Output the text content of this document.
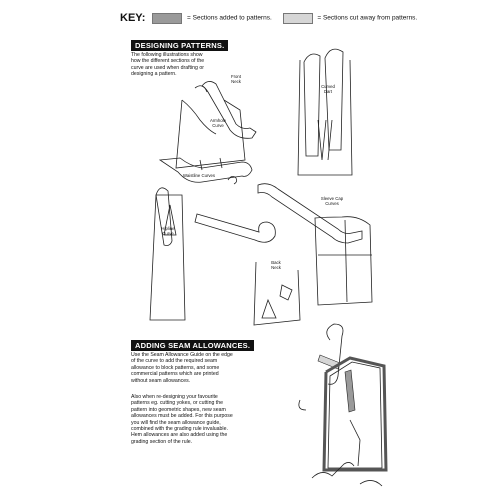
KEY:	= Sections added to patterns.	= Sections cut away from patterns.
DESIGNING PATTERNS.
The following illustrations show how the different sections of the curve are used when drafting or designing a pattern.	Front Neck
Armhole Curve
Waistline Curves
Curved Dart
Hipline Curve
Sleeve Cap Curves
Back Neck
ADDING SEAM ALLOWANCES.
Use the Seam Allowance Guide on the edge of the curve to add the required seam allowance to block patterns, and some commercial patterns which are printed without seam allowances.
Also when re-designing your favourite patterns eg. cutting yokes, or cutting the pattern into geometric shapes, new seam allowances must be added. For this purpose you will find the seam allowance guide, combined with the grading rule invaluable. Hem allowances are also added using the grading section of the rule.
